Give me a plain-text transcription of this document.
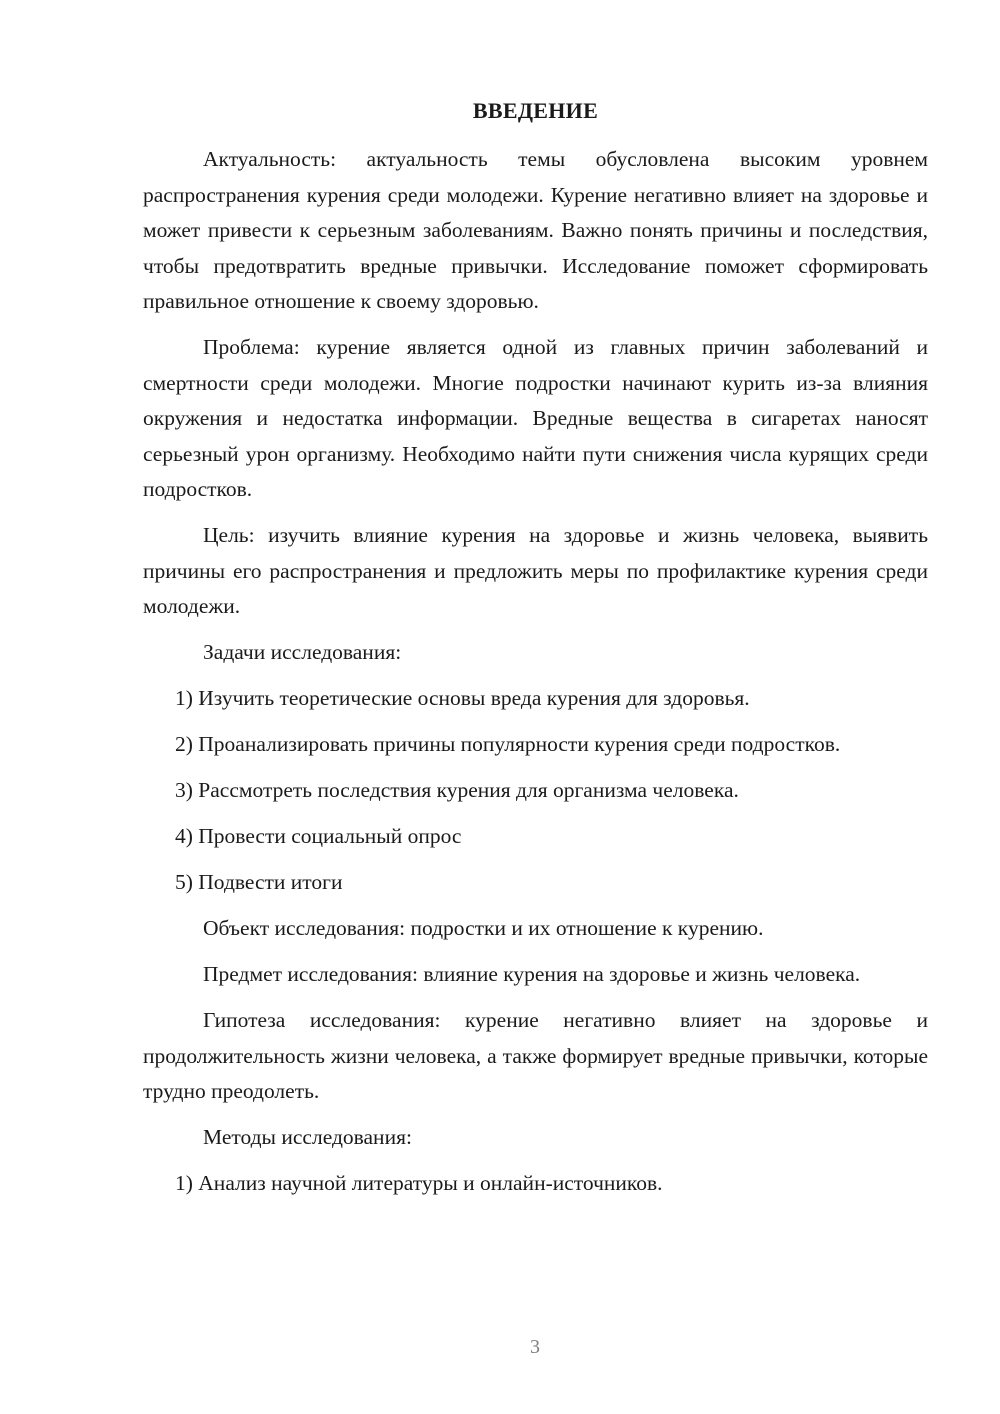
ВВЕДЕНИЕ

Актуальность: актуальность темы обусловлена высоким уровнем распространения курения среди молодежи. Курение негативно влияет на здоровье и может привести к серьезным заболеваниям. Важно понять причины и последствия, чтобы предотвратить вредные привычки. Исследование поможет сформировать правильное отношение к своему здоровью.

Проблема: курение является одной из главных причин заболеваний и смертности среди молодежи. Многие подростки начинают курить из-за влияния окружения и недостатка информации. Вредные вещества в сигаретах наносят серьезный урон организму. Необходимо найти пути снижения числа курящих среди подростков.

Цель: изучить влияние курения на здоровье и жизнь человека, выявить причины его распространения и предложить меры по профилактике курения среди молодежи.

Задачи исследования:

1) Изучить теоретические основы вреда курения для здоровья.

2) Проанализировать причины популярности курения среди подростков.

3) Рассмотреть последствия курения для организма человека.

4) Провести социальный опрос

5) Подвести итоги

Объект исследования: подростки и их отношение к курению.

Предмет исследования: влияние курения на здоровье и жизнь человека.

Гипотеза исследования: курение негативно влияет на здоровье и продолжительность жизни человека, а также формирует вредные привычки, которые трудно преодолеть.

Методы исследования:

1) Анализ научной литературы и онлайн-источников.

3
